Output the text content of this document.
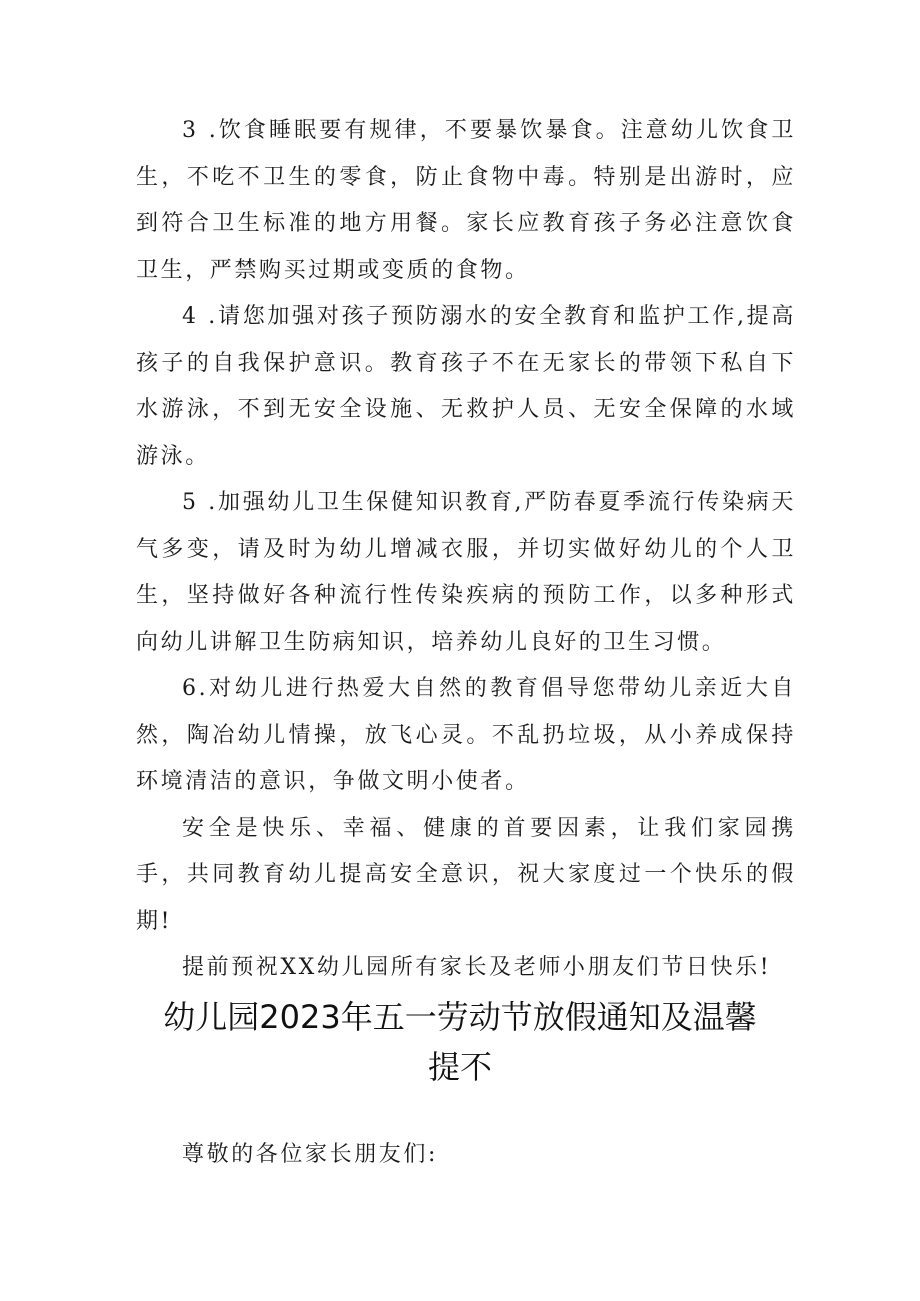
3 .饮食睡眠要有规律，不要暴饮暴食。注意幼儿饮食卫生，不吃不卫生的零食，防止食物中毒。特别是出游时，应到符合卫生标准的地方用餐。家长应教育孩子务必注意饮食卫生，严禁购买过期或变质的食物。

4 .请您加强对孩子预防溺水的安全教育和监护工作,提高孩子的自我保护意识。教育孩子不在无家长的带领下私自下水游泳，不到无安全设施、无救护人员、无安全保障的水域游泳。

5 .加强幼儿卫生保健知识教育,严防春夏季流行传染病天气多变，请及时为幼儿增减衣服，并切实做好幼儿的个人卫生，坚持做好各种流行性传染疾病的预防工作，以多种形式向幼儿讲解卫生防病知识，培养幼儿良好的卫生习惯。

6.对幼儿进行热爱大自然的教育倡导您带幼儿亲近大自然，陶冶幼儿情操，放飞心灵。不乱扔垃圾，从小养成保持环境清洁的意识，争做文明小使者。

安全是快乐、幸福、健康的首要因素，让我们家园携手，共同教育幼儿提高安全意识，祝大家度过一个快乐的假期!

提前预祝XX幼儿园所有家长及老师小朋友们节日快乐!

幼儿园2023年五一劳动节放假通知及温馨
提不

尊敬的各位家长朋友们:
